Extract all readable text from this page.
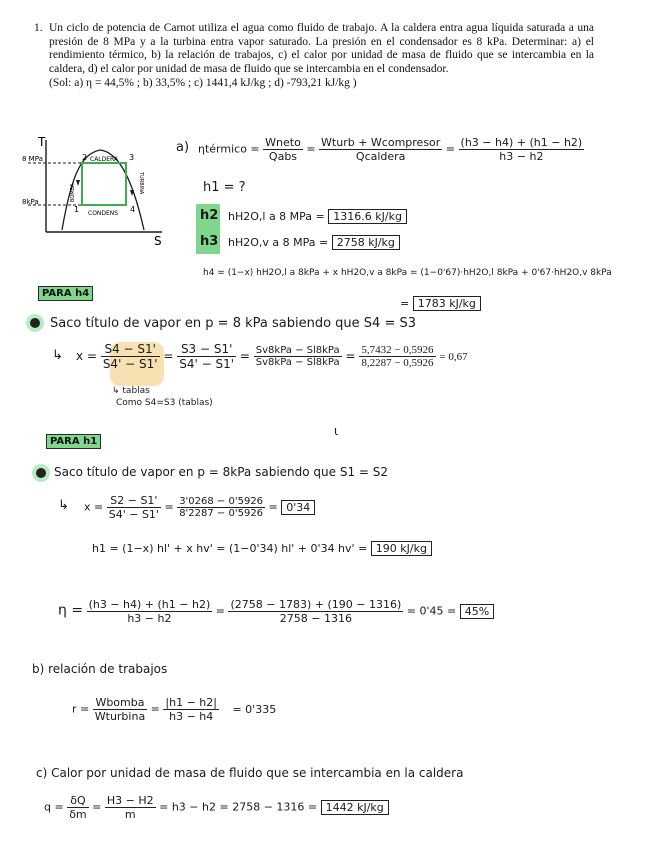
1. Un ciclo de potencia de Carnot utiliza el agua como fluido de trabajo. A la caldera entra agua líquida saturada a una presión de 8 MPa y a la turbina entra vapor saturado. La presión en el condensador es 8 kPa. Determinar: a) el rendimiento térmico, b) la relación de trabajos, c) el calor por unidad de masa de fluido que se intercambia en la caldera, d) el calor por unidad de masa de fluido que se intercambia en el condensador.
(Sol: a) η = 44,5% ; b) 33,5% ; c) 1441,4 kJ/kg ; d) -793,21 kJ/kg )
T
S
8 MPa
8kPa
2	3
1	4
CALDERA
CONDENS
BOMBA	TURBINA
a) ηtérmico = $\frac{\text{Wneto}}{\text{Qabs}} = \frac{\text{Wturb + Wcompresor}}{\text{Qcaldera}} = \frac{(h3 - h4) + (h1 - h2)}{h3 - h2}$
h1 = ?
h2 hH2O,l a 8 MPa = 1316.6 kJ/kg
h3 hH2O,v a 8 MPa = 2758 kJ/kg
h4 = (1−x) hH2O,l a 8kPa + x hH2O,v a 8kPa = (1−0'67)·hH2O,l 8kPa + 0'67·hH2O,v 8kPa
= 1783 kJ/kg
PARA h4
Saco título de vapor en p = 8 kPa sabiendo que S4 = S3
$x = \frac{S4 - S1'}{S4' - S1'} = \frac{S3 - S1'}{S4' - S1'} = \frac{\text{Sv8kPa − Sl8kPa}}{\text{Sv8kPa − Sl8kPa}} = \frac{5,7432 - 0,5926}{8,2287 - 0,5926} = 0,67$
↳
↳ tablas
Como S4=S3 (tablas)
ɩ
PARA h1
Saco título de vapor en p = 8kPa sabiendo que S1 = S2
↳ $x = \frac{S2 - S1'}{S4' - S1'} = \frac{3'0268 - 0'5926}{8'2287 - 0'5926} = 0'34$
h1 = (1−x) hl' + x hv' = (1−0'34) hl' + 0'34 hv' = 190 kJ/kg
$\eta = \frac{(h3 - h4) + (h1 - h2)}{h3 - h2} = \frac{(2758 - 1783) + (190 - 1316)}{2758 - 1316} = 0'45 = 45\%$
b) relación de trabajos
$r = \frac{\text{Wbomba}}{\text{Wturbina}} = \frac{|h1 - h2|}{h3 - h4} = 0'335$
c) Calor por unidad de masa de fluido que se intercambia en la caldera
$q = \frac{\delta Q}{\delta m} = \frac{H3 - H2}{m} = h3 - h2 = 2758 - 1316 = 1442$ kJ/kg
